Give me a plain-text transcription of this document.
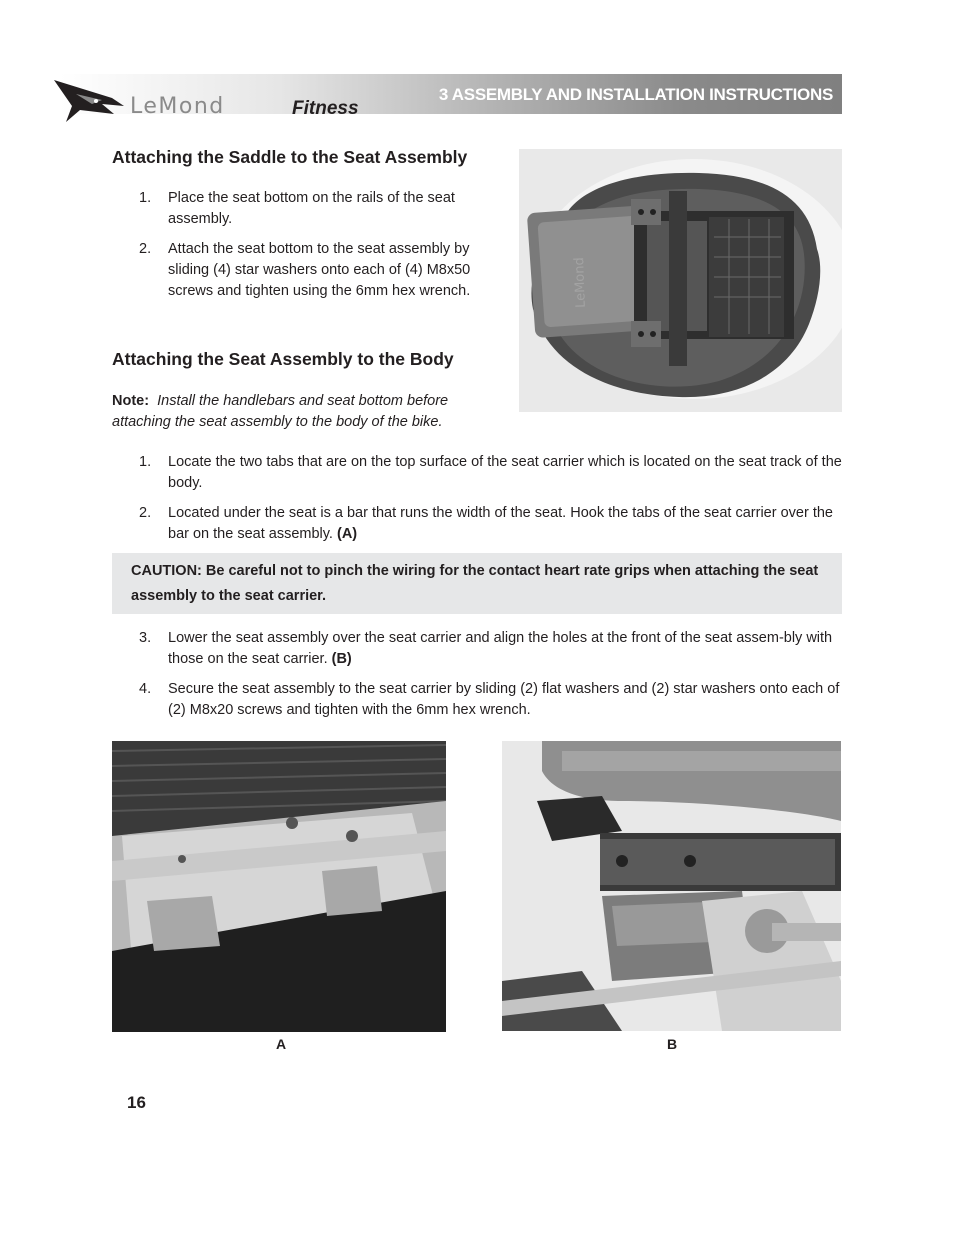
3 ASSEMBLY AND INSTALLATION INSTRUCTIONS
LeMond	Fitness
Attaching the Saddle to the Seat Assembly
1. Place the seat bottom on the rails of the seat assembly.
2. Attach the seat bottom to the seat assembly by sliding (4) star washers onto each of (4) M8x50 screws and tighten using the 6mm hex wrench.	LeMond
Attaching the Seat Assembly to the Body
Note: Install the handlebars and seat bottom before attaching the seat assembly to the body of the bike.
1. Locate the two tabs that are on the top surface of the seat carrier which is located on the seat track of the body.
2. Located under the seat is a bar that runs the width of the seat. Hook the tabs of the seat carrier over the bar on the seat assembly. (A)
CAUTION: Be careful not to pinch the wiring for the contact heart rate grips when attaching the seat assembly to the seat carrier.
3. Lower the seat assembly over the seat carrier and align the holes at the front of the seat assem-bly with those on the seat carrier. (B)
4. Secure the seat assembly to the seat carrier by sliding (2) flat washers and (2) star washers onto each of (2) M8x20 screws and tighten with the 6mm hex wrench.
A	B
16
